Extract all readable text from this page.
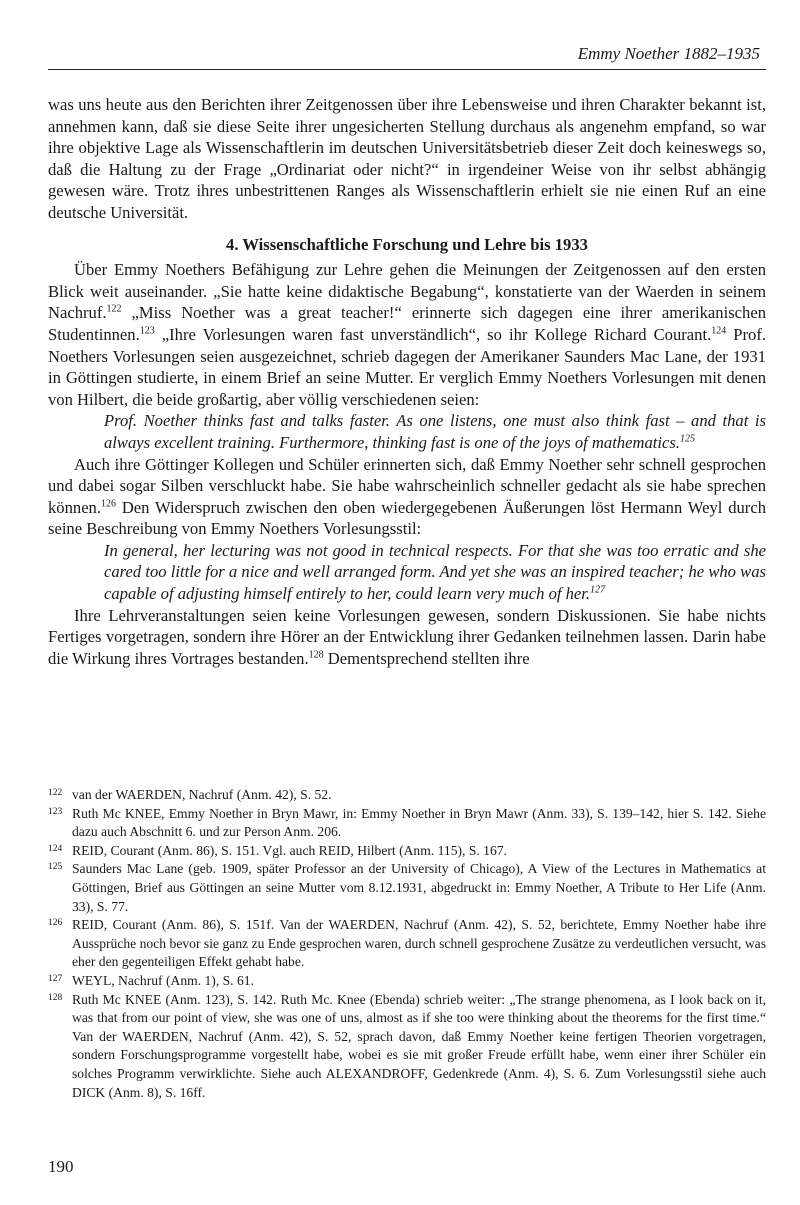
Emmy Noether 1882–1935

was uns heute aus den Berichten ihrer Zeitgenossen über ihre Lebensweise und ihren Charakter bekannt ist, annehmen kann, daß sie diese Seite ihrer ungesicherten Stellung durchaus als angenehm empfand, so war ihre objektive Lage als Wissenschaftlerin im deutschen Universitätsbetrieb dieser Zeit doch keineswegs so, daß die Haltung zu der Frage „Ordinariat oder nicht?“ in irgendeiner Weise von ihr selbst abhängig gewesen wäre. Trotz ihres unbestrittenen Ranges als Wissenschaftlerin erhielt sie nie einen Ruf an eine deutsche Universität.

4. Wissenschaftliche Forschung und Lehre bis 1933

Über Emmy Noethers Befähigung zur Lehre gehen die Meinungen der Zeitgenossen auf den ersten Blick weit auseinander. „Sie hatte keine didaktische Begabung“, konstatierte van der Waerden in seinem Nachruf.$^{122}$ „Miss Noether was a great teacher!“ erinnerte sich dagegen eine ihrer amerikanischen Studentinnen.$^{123}$ „Ihre Vorlesungen waren fast unverständlich“, so ihr Kollege Richard Courant.$^{124}$ Prof. Noethers Vorlesungen seien ausgezeichnet, schrieb dagegen der Amerikaner Saunders Mac Lane, der 1931 in Göttingen studierte, in einem Brief an seine Mutter. Er verglich Emmy Noethers Vorlesungen mit denen von Hilbert, die beide großartig, aber völlig verschiedenen seien:

Prof. Noether thinks fast and talks faster. As one listens, one must also think fast – and that is always excellent training. Furthermore, thinking fast is one of the joys of mathematics.$^{125}$

Auch ihre Göttinger Kollegen und Schüler erinnerten sich, daß Emmy Noether sehr schnell gesprochen und dabei sogar Silben verschluckt habe. Sie habe wahrscheinlich schneller gedacht als sie habe sprechen können.$^{126}$ Den Widerspruch zwischen den oben wiedergegebenen Äußerungen löst Hermann Weyl durch seine Beschreibung von Emmy Noethers Vorlesungsstil:

In general, her lecturing was not good in technical respects. For that she was too erratic and she cared too little for a nice and well arranged form. And yet she was an inspired teacher; he who was capable of adjusting himself entirely to her, could learn very much of her.$^{127}$

Ihre Lehrveranstaltungen seien keine Vorlesungen gewesen, sondern Diskussionen. Sie habe nichts Fertiges vorgetragen, sondern ihre Hörer an der Entwicklung ihrer Gedanken teilnehmen lassen. Darin habe die Wirkung ihres Vortrages bestanden.$^{128}$ Dementsprechend stellten ihre

122 van der WAERDEN, Nachruf (Anm. 42), S. 52.
123 Ruth Mc KNEE, Emmy Noether in Bryn Mawr, in: Emmy Noether in Bryn Mawr (Anm. 33), S. 139–142, hier S. 142. Siehe dazu auch Abschnitt 6. und zur Person Anm. 206.
124 REID, Courant (Anm. 86), S. 151. Vgl. auch REID, Hilbert (Anm. 115), S. 167.
125 Saunders Mac Lane (geb. 1909, später Professor an der University of Chicago), A View of the Lectures in Mathematics at Göttingen, Brief aus Göttingen an seine Mutter vom 8.12.1931, abgedruckt in: Emmy Noether, A Tribute to Her Life (Anm. 33), S. 77.
126 REID, Courant (Anm. 86), S. 151f. Van der WAERDEN, Nachruf (Anm. 42), S. 52, berichtete, Emmy Noether habe ihre Aussprüche noch bevor sie ganz zu Ende gesprochen waren, durch schnell gesprochene Zusätze zu verdeutlichen versucht, was eher den gegenteiligen Effekt gehabt habe.
127 WEYL, Nachruf (Anm. 1), S. 61.
128 Ruth Mc KNEE (Anm. 123), S. 142. Ruth Mc. Knee (Ebenda) schrieb weiter: „The strange phenomena, as I look back on it, was that from our point of view, she was one of uns, almost as if she too were thinking about the theorems for the first time.“ Van der WAERDEN, Nachruf (Anm. 42), S. 52, sprach davon, daß Emmy Noether keine fertigen Theorien vorgetragen, sondern Forschungsprogramme vorgestellt habe, wobei es sie mit großer Freude erfüllt habe, wenn einer ihrer Schüler ein solches Programm verwirklichte. Siehe auch ALEXANDROFF, Gedenkrede (Anm. 4), S. 6. Zum Vorlesungsstil siehe auch DICK (Anm. 8), S. 16ff.
190
